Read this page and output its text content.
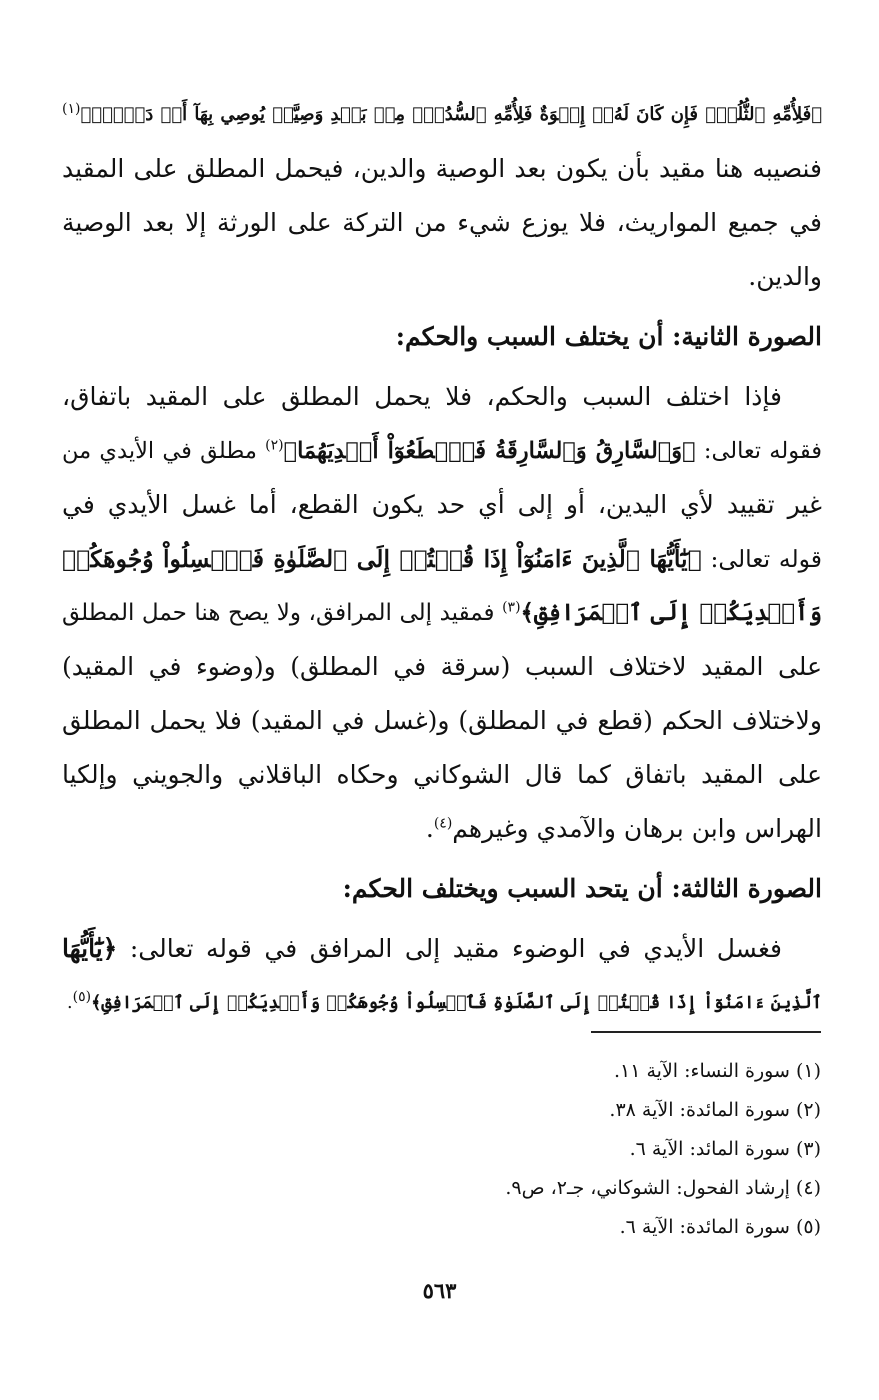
﴿فَلِأُمِّهِ ٱلثُّلُثُۚ فَإِن كَانَ لَهُۥٓ إِخۡوَةٌ فَلِأُمِّهِ ٱلسُّدُسُۚ مِنۢ بَعۡدِ وَصِيَّةٖ يُوصِي بِهَآ أَوۡ دَيۡنٍۗ﴾$^{(١)}$
فنصيبه هنا مقيد بأن يكون بعد الوصية والدين، فيحمل المطلق على المقيد
في جميع المواريث، فلا يوزع شيء من التركة على الورثة إلا بعد الوصية
والدين.
الصورة الثانية: أن يختلف السبب والحكم:
فإذا اختلف السبب والحكم، فلا يحمل المطلق على المقيد باتفاق،
فقوله تعالى: ﴿وَٱلسَّارِقُ وَٱلسَّارِقَةُ فَٱقۡطَعُوٓاْ أَيۡدِيَهُمَا﴾$^{(٢)}$ مطلق في الأيدي من
غير تقييد لأي اليدين، أو إلى أي حد يكون القطع، أما غسل الأيدي في
قوله تعالى: ﴿يَٰٓأَيُّهَا ٱلَّذِينَ ءَامَنُوٓاْ إِذَا قُمۡتُمۡ إِلَى ٱلصَّلَوٰةِ فَٱغۡسِلُواْ وُجُوهَكُمۡ
وَأَيۡدِيَكُمۡ إِلَى ٱلۡمَرَافِقِ﴾$^{(٣)}$ فمقيد إلى المرافق، ولا يصح هنا حمل المطلق
على المقيد لاختلاف السبب (سرقة في المطلق) و(وضوء في المقيد)
ولاختلاف الحكم (قطع في المطلق) و(غسل في المقيد) فلا يحمل المطلق
على المقيد باتفاق كما قال الشوكاني وحكاه الباقلاني والجويني وإلكيا
الهراس وابن برهان والآمدي وغيرهم$^{(٤)}$.
الصورة الثالثة: أن يتحد السبب ويختلف الحكم:
فغسل الأيدي في الوضوء مقيد إلى المرافق في قوله تعالى: ﴿يَٰٓأَيُّهَا
ٱلَّذِينَ ءَامَنُوٓاْ إِذَا قُمۡتُمۡ إِلَى ٱلصَّلَوٰةِ فَٱغۡسِلُواْ وُجُوهَكُمۡ وَأَيۡدِيَكُمۡ إِلَى ٱلۡمَرَافِقِ﴾$^{(٥)}$.
(١) سورة النساء: الآية ١١.
(٢) سورة المائدة: الآية ٣٨.
(٣) سورة المائد: الآية ٦.
(٤) إرشاد الفحول: الشوكاني، جـ٢، ص٩.
(٥) سورة المائدة: الآية ٦.
٥٦٣
